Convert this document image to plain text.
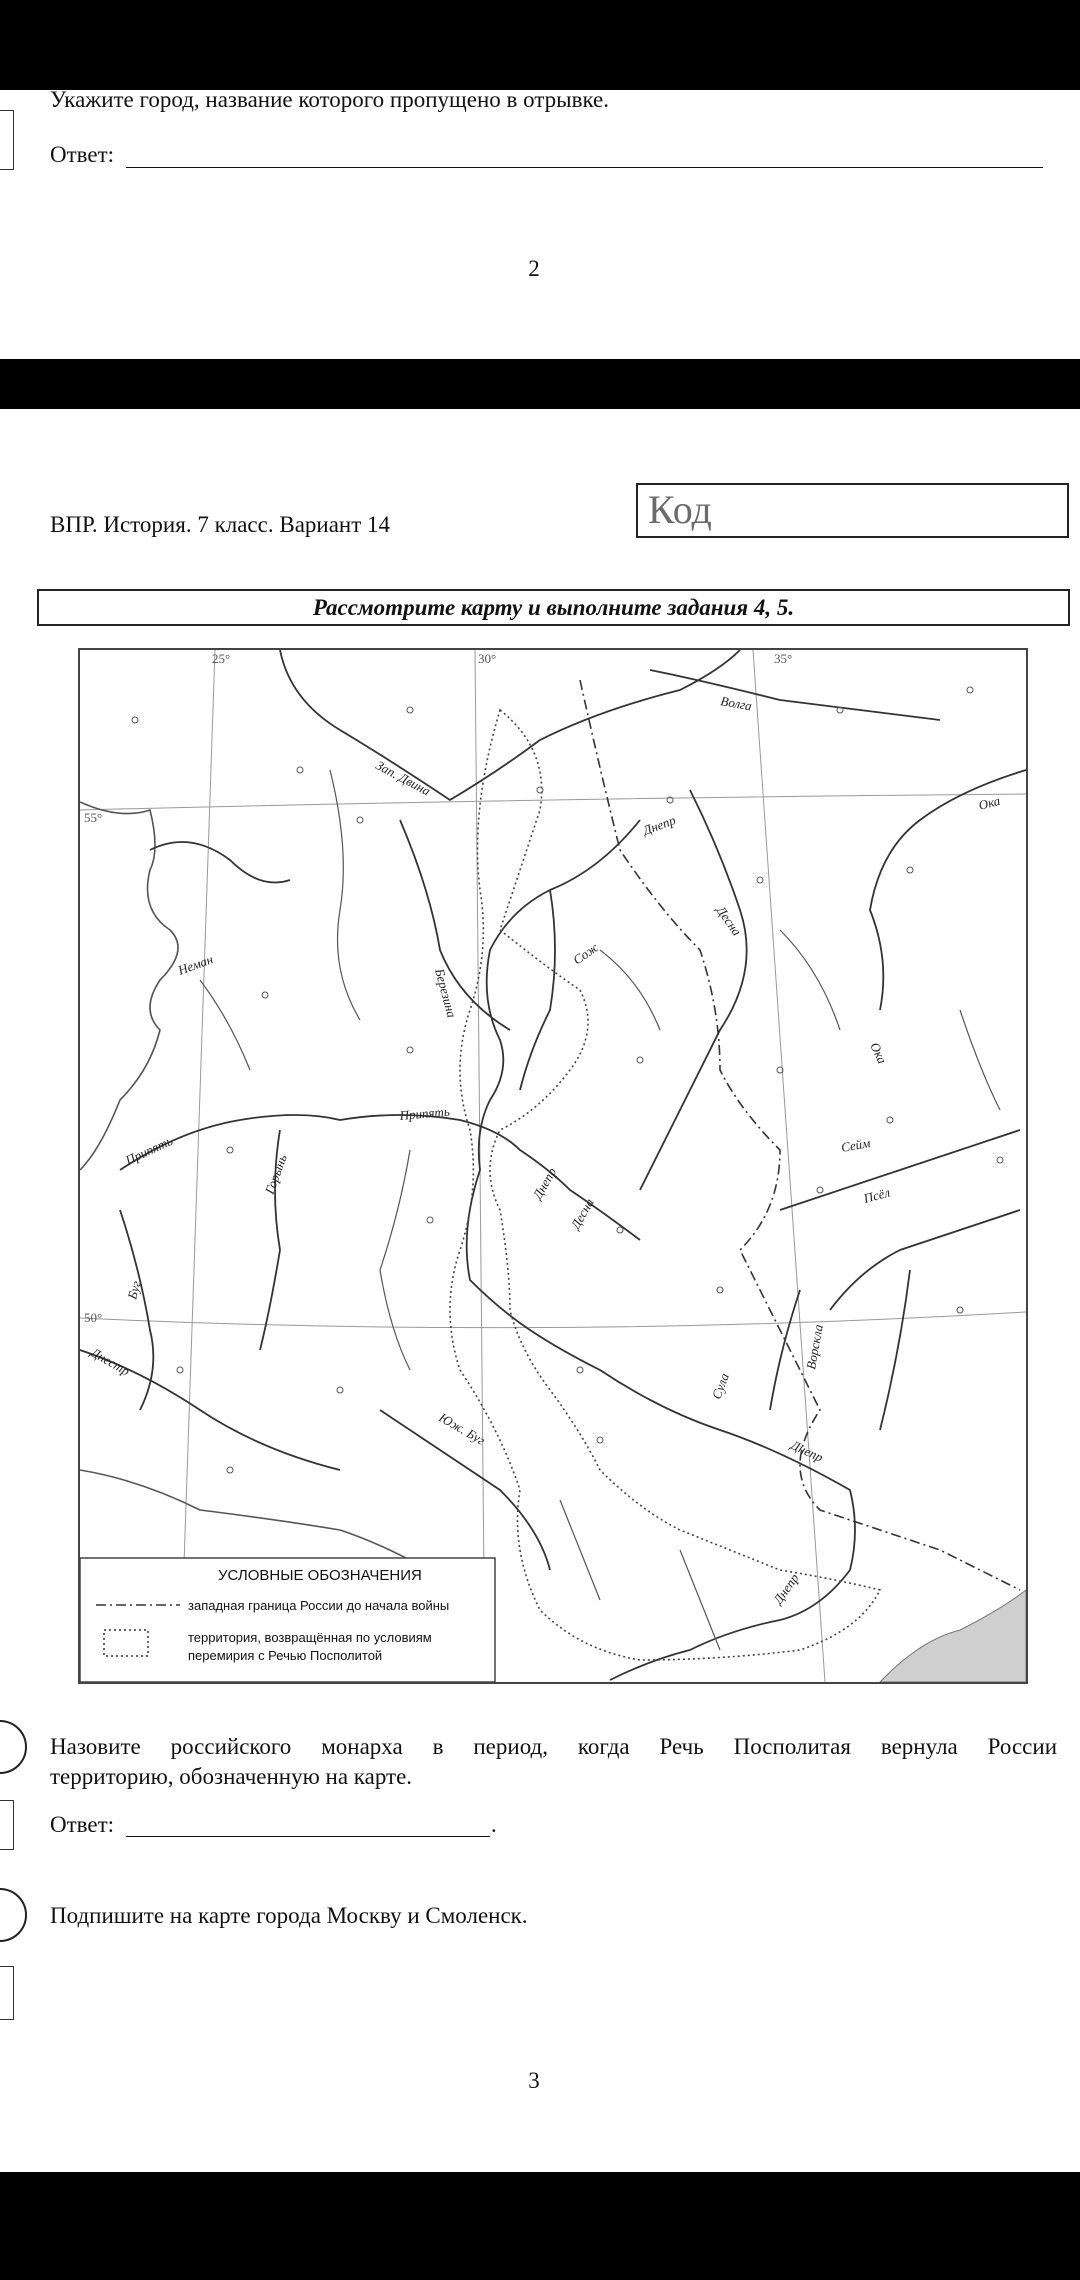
Укажите город, название которого пропущено в отрывке.
Ответ:
2
ВПР. История. 7 класс. Вариант 14	Код
Рассмотрите карту и выполните задания 4, 5.
25°	30°	35°
55°
50°
Волга
Зап. Двина
Днепр
Ока
Неман
Березина
Сож
Десна
Припять
Припять
Горынь
Сейм
Псёл
Ока
Буг
Днестр
Юж. Буг
Днепр
Десна
Сула
Ворскла
Днепр
Днепр
УСЛОВНЫЕ ОБОЗНАЧЕНИЯ
западная граница России до начала войны
территория, возвращённая по условиям
перемирия с Речью Посполитой
Назовите российского монарха в период, когда Речь Посполитая вернула России
территорию, обозначенную на карте.
Ответ:	.
Подпишите на карте города Москву и Смоленск.
3
